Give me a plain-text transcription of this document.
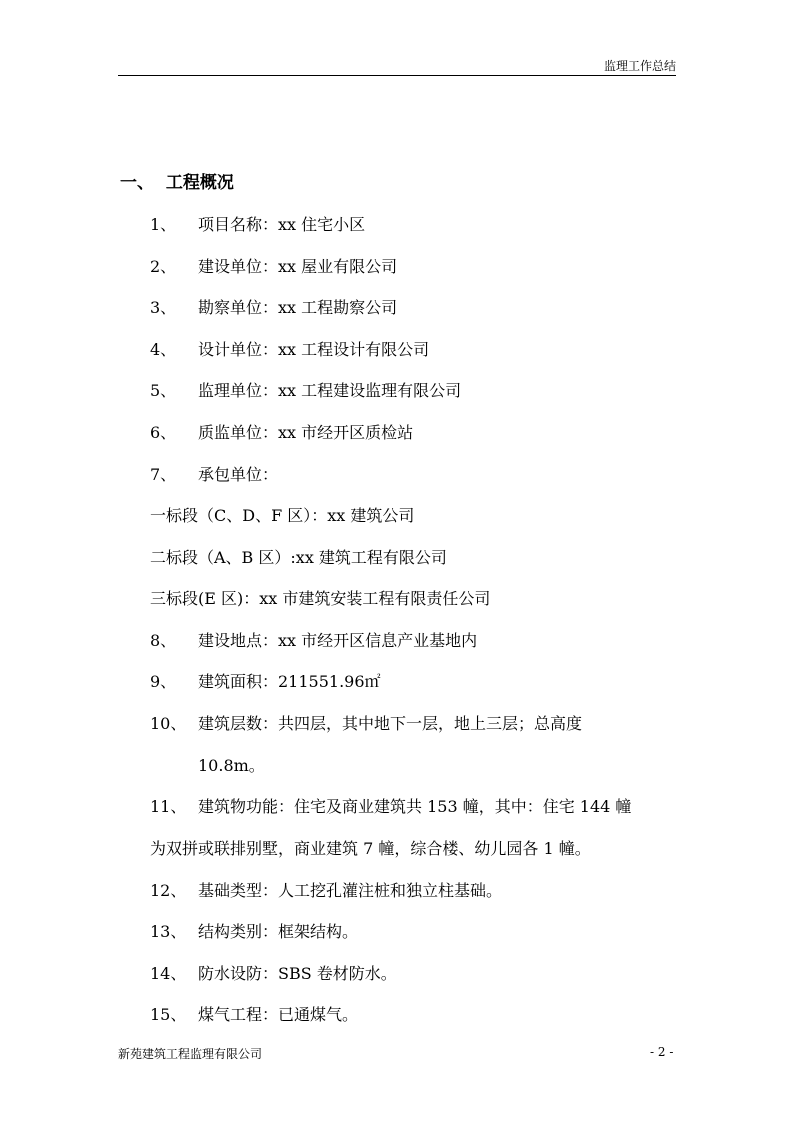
监理工作总结
一、  工程概况
1、 项目名称：xx 住宅小区
2、 建设单位：xx 屋业有限公司
3、 勘察单位：xx 工程勘察公司
4、 设计单位：xx 工程设计有限公司
5、 监理单位：xx 工程建设监理有限公司
6、 质监单位：xx 市经开区质检站
7、 承包单位：
一标段（C、D、F 区）：xx 建筑公司
二标段（A、B 区）:xx 建筑工程有限公司
三标段(E 区)：xx 市建筑安装工程有限责任公司
8、 建设地点：xx 市经开区信息产业基地内
9、 建筑面积：211551.96㎡
10、 建筑层数：共四层，其中地下一层，地上三层；总高度
10.8m。
11、 建筑物功能：住宅及商业建筑共 153 幢，其中：住宅 144 幢
为双拼或联排别墅，商业建筑 7 幢，综合楼、幼儿园各 1 幢。
12、 基础类型：人工挖孔灌注桩和独立柱基础。
13、 结构类别：框架结构。
14、 防水设防：SBS 卷材防水。
15、 煤气工程：已通煤气。
新苑建筑工程监理有限公司	- 2 -
